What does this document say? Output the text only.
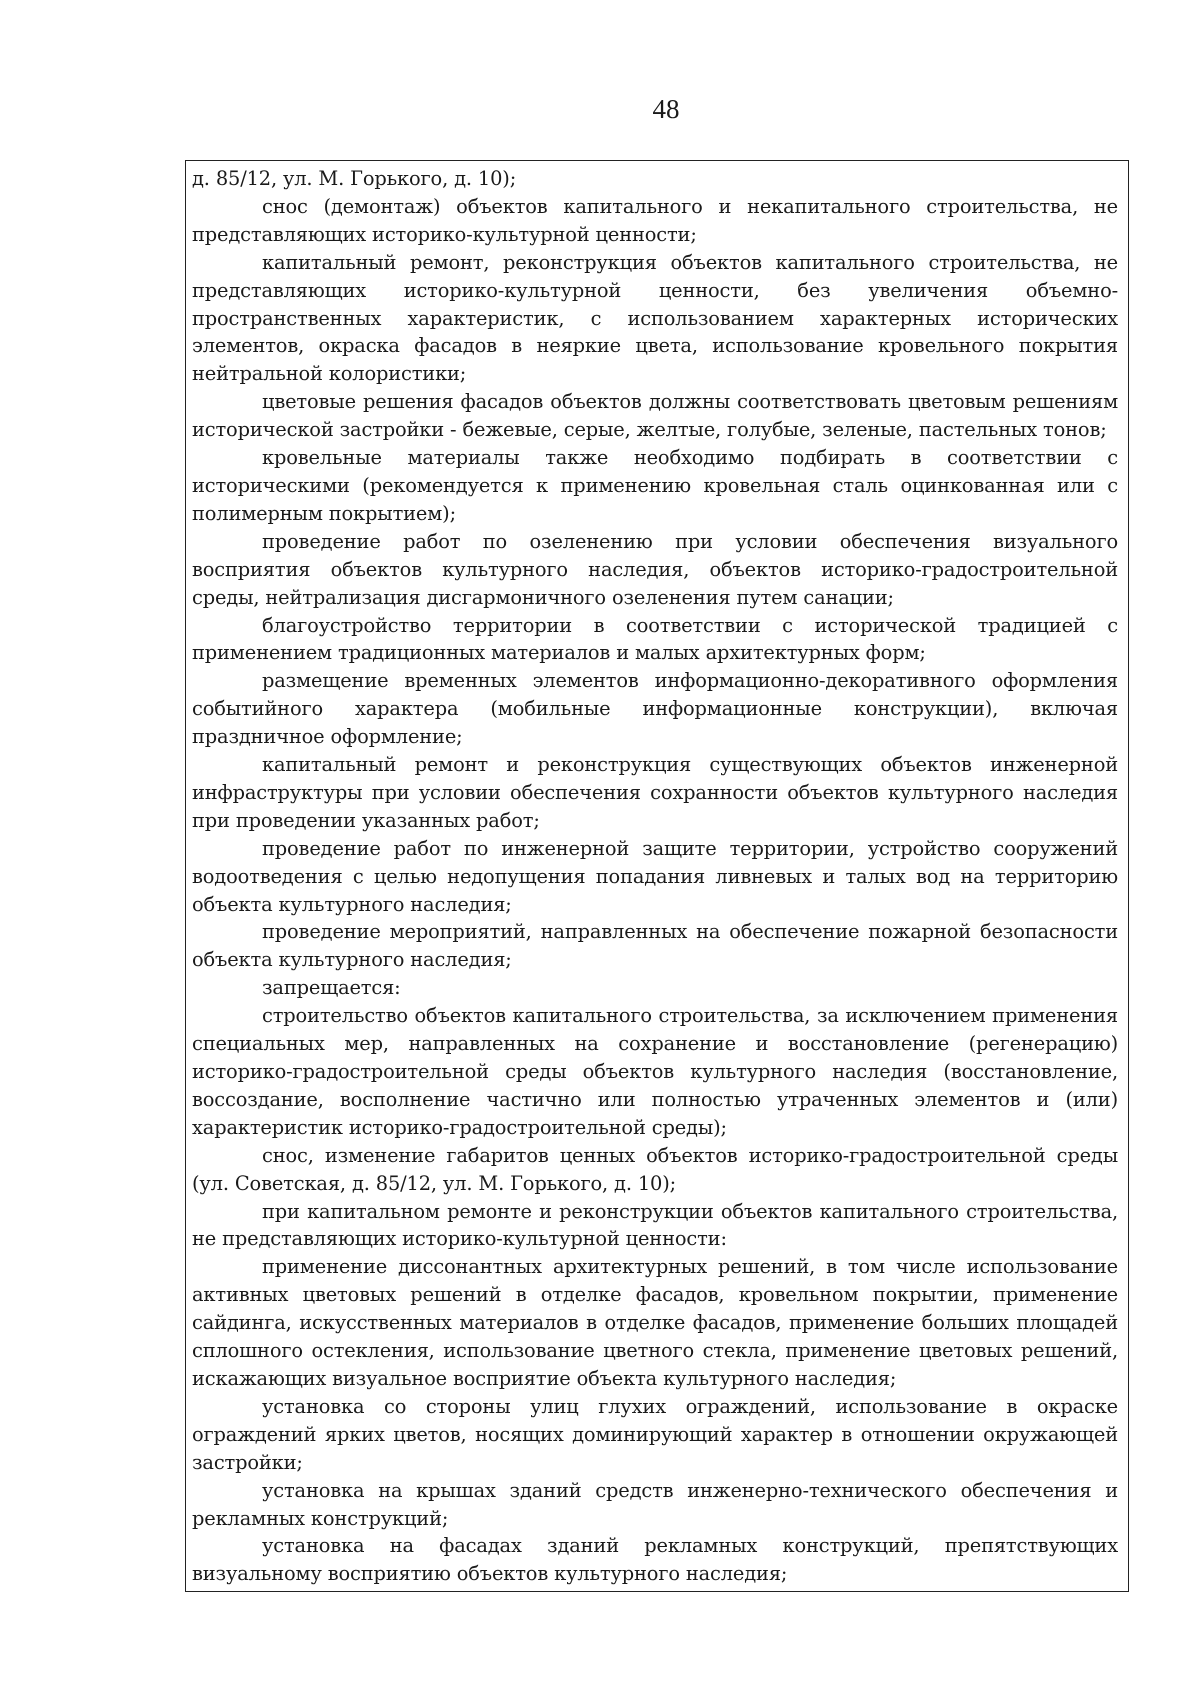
48

д. 85/12, ул. М. Горького, д. 10);

снос (демонтаж) объектов капитального и некапитального строительства, не представляющих историко-культурной ценности;

капитальный ремонт, реконструкция объектов капитального строительства, не представляющих историко-культурной ценности, без увеличения объемно-пространственных характеристик, с использованием характерных исторических элементов, окраска фасадов в неяркие цвета, использование кровельного покрытия нейтральной колористики;

цветовые решения фасадов объектов должны соответствовать цветовым решениям исторической застройки - бежевые, серые, желтые, голубые, зеленые, пастельных тонов;

кровельные материалы также необходимо подбирать в соответствии с историческими (рекомендуется к применению кровельная сталь оцинкованная или с полимерным покрытием);

проведение работ по озеленению при условии обеспечения визуального восприятия объектов культурного наследия, объектов историко-градостроительной среды, нейтрализация дисгармоничного озеленения путем санации;

благоустройство территории в соответствии с исторической традицией с применением традиционных материалов и малых архитектурных форм;

размещение временных элементов информационно-декоративного оформления событийного характера (мобильные информационные конструкции), включая праздничное оформление;

капитальный ремонт и реконструкция существующих объектов инженерной инфраструктуры при условии обеспечения сохранности объектов культурного наследия при проведении указанных работ;

проведение работ по инженерной защите территории, устройство сооружений водоотведения с целью недопущения попадания ливневых и талых вод на территорию объекта культурного наследия;

проведение мероприятий, направленных на обеспечение пожарной безопасности объекта культурного наследия;

запрещается:

строительство объектов капитального строительства, за исключением применения специальных мер, направленных на сохранение и восстановление (регенерацию) историко-градостроительной среды объектов культурного наследия (восстановление, воссоздание, восполнение частично или полностью утраченных элементов и (или) характеристик историко-градостроительной среды);

снос, изменение габаритов ценных объектов историко-градостроительной среды (ул. Советская, д. 85/12, ул. М. Горького, д. 10);

при капитальном ремонте и реконструкции объектов капитального строительства, не представляющих историко-культурной ценности:

применение диссонантных архитектурных решений, в том числе использование активных цветовых решений в отделке фасадов, кровельном покрытии, применение сайдинга, искусственных материалов в отделке фасадов, применение больших площадей сплошного остекления, использование цветного стекла, применение цветовых решений, искажающих визуальное восприятие объекта культурного наследия;

установка со стороны улиц глухих ограждений, использование в окраске ограждений ярких цветов, носящих доминирующий характер в отношении окружающей застройки;

установка на крышах зданий средств инженерно-технического обеспечения и рекламных конструкций;

установка на фасадах зданий рекламных конструкций, препятствующих визуальному восприятию объектов культурного наследия;
